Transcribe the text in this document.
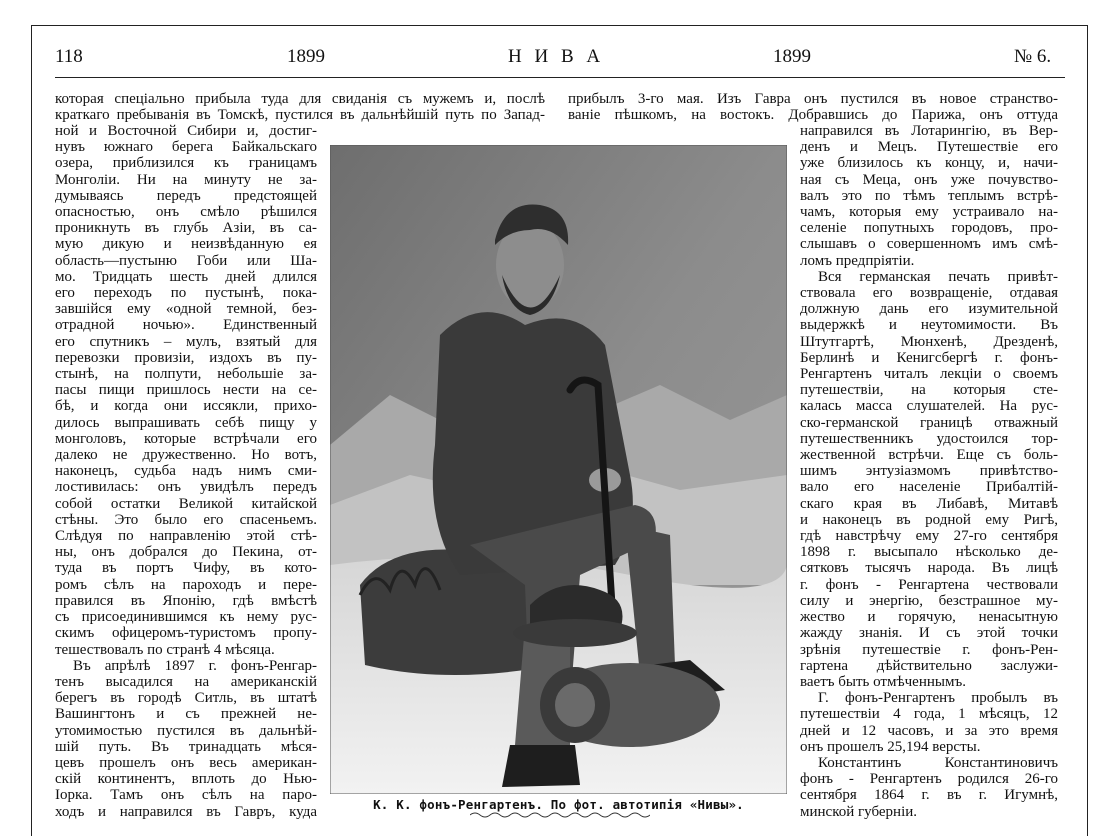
118	1899	Н И В А	1899	№ 6.
которая спеціально прибыла туда для свиданія съ мужемъ и, послѣ
краткаго пребыванія въ Томскѣ, пустился въ дальнѣйшій путь по Запад-
прибылъ 3-го мая. Изъ Гавра онъ пустился въ новое странство-
ваніе пѣшкомъ, на востокъ. Добравшись до Парижа, онъ оттуда
ной и Восточной Сибири и, достиг-
нувъ южнаго берега Байкальскаго
озера, приблизился къ границамъ
Монголіи. Ни на минуту не за-
думываясь передъ предстоящей
опасностью, онъ смѣло рѣшился
проникнуть въ глубь Азіи, въ са-
мую дикую и неизвѣданную ея
область—пустыню Гоби или Ша-
мо. Тридцать шесть дней длился
его переходъ по пустынѣ, пока-
завшійся ему «одной темной, без-
отрадной ночью». Единственный
его спутникъ – мулъ, взятый для
перевозки провизіи, издохъ въ пу-
стынѣ, на полпути, небольшіе за-
пасы пищи пришлось нести на се-
бѣ, и когда они иссякли, прихо-
дилось выпрашивать себѣ пищу у
монголовъ, которые встрѣчали его
далеко не дружественно. Но вотъ,
наконецъ, судьба надъ нимъ сми-
лостивилась: онъ увидѣлъ передъ
собой остатки Великой китайской
стѣны. Это было его спасеньемъ.
Слѣдуя по направленію этой стѣ-
ны, онъ добрался до Пекина, от-
туда въ портъ Чифу, въ кото-
ромъ сѣлъ на пароходъ и пере-
правился въ Японію, гдѣ вмѣстѣ
съ присоединившимся къ нему рус-
скимъ офицеромъ-туристомъ пропу-
тешествовалъ по странѣ 4 мѣсяца.
Въ апрѣлѣ 1897 г. фонъ-Ренгар-
тенъ высадился на американскій
берегъ въ городѣ Ситль, въ штатѣ
Вашингтонъ и съ прежней не-
утомимостью пустился въ дальнѣй-
шій путь. Въ тринадцать мѣся-
цевъ прошелъ онъ весь американ-
скій континентъ, вплоть до Нью-
Іорка. Тамъ онъ сѣлъ на паро-
ходъ и направился въ Гавръ, куда
направился въ Лотарингію, въ Вер-
денъ и Мецъ. Путешествіе его
уже близилось къ концу, и, начи-
ная съ Меца, онъ уже почувство-
валъ это по тѣмъ теплымъ встрѣ-
чамъ, которыя ему устраивало на-
селеніе попутныхъ городовъ, про-
слышавъ о совершенномъ имъ смѣ-
ломъ предпріятіи.
Вся германская печать привѣт-
ствовала его возвращеніе, отдавая
должную дань его изумительной
выдержкѣ и неутомимости. Въ
Штутгартѣ, Мюнхенѣ, Дрезденѣ,
Берлинѣ и Кенигсбергѣ г. фонъ-
Ренгартенъ читалъ лекціи о своемъ
путешествіи, на которыя сте-
калась масса слушателей. На рус-
ско-германской границѣ отважный
путешественникъ удостоился тор-
жественной встрѣчи. Еще съ боль-
шимъ энтузіазмомъ привѣтство-
вало его населеніе Прибалтій-
скаго края въ Либавѣ, Митавѣ
и наконецъ въ родной ему Ригѣ,
гдѣ навстрѣчу ему 27-го сентября
1898 г. высыпало нѣсколько де-
сятковъ тысячъ народа. Въ лицѣ
г. фонъ - Ренгартена чествовали
силу и энергію, безстрашное му-
жество и горячую, ненасытную
жажду знанія. И съ этой точки
зрѣнія путешествіе г. фонъ-Рен-
гартена дѣйствительно заслужи-
ваетъ быть отмѣченнымъ.
Г. фонъ-Ренгартенъ пробылъ въ
путешествіи 4 года, 1 мѣсяцъ, 12
дней и 12 часовъ, и за это время
онъ прошелъ 25,194 версты.
Константинъ Константиновичъ
фонъ - Ренгартенъ родился 26-го
сентября 1864 г. въ г. Игумнѣ,
минской губерніи.
К. К. фонъ-Ренгартенъ. По фот. автотипія «Нивы».
